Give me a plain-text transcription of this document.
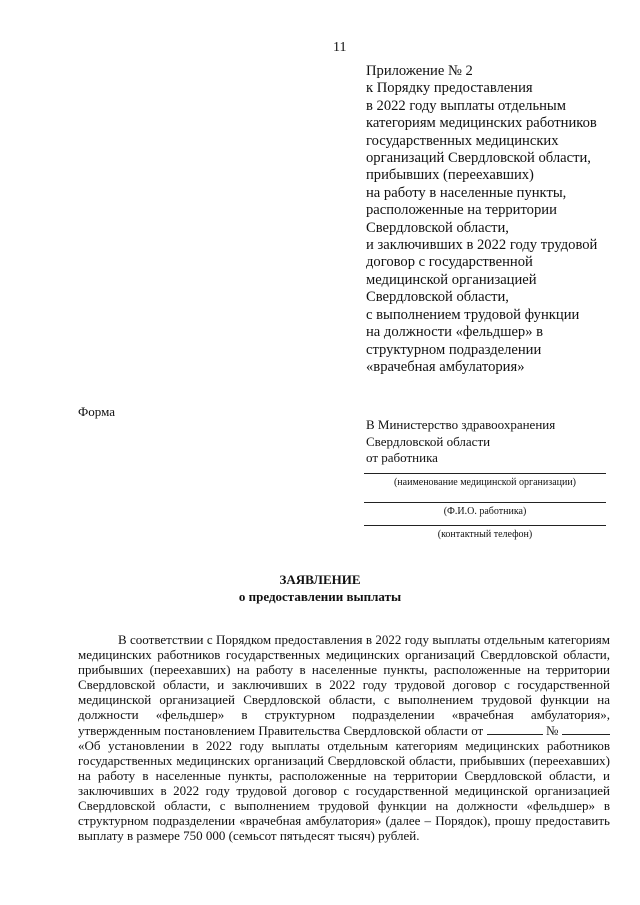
11
Приложение № 2
к Порядку предоставления
в 2022 году выплаты отдельным
категориям медицинских работников
государственных медицинских
организаций Свердловской области,
прибывших (переехавших)
на работу в населенные пункты,
расположенные на территории
Свердловской области,
и заключивших в 2022 году трудовой
договор с государственной
медицинской организацией
Свердловской области,
с выполнением трудовой функции
на должности «фельдшер» в
структурном подразделении
«врачебная амбулатория»
Форма
В Министерство здравоохранения
Свердловской области
от работника
(наименование медицинской организации)
(Ф.И.О. работника)
(контактный телефон)
ЗАЯВЛЕНИЕ
о предоставлении выплаты
В соответствии с Порядком предоставления в 2022 году выплаты отдельным категориям медицинских работников государственных медицинских организаций Свердловской области, прибывших (переехавших) на работу в населенные пункты, расположенные на территории Свердловской области, и заключивших в 2022 году трудовой договор с государственной медицинской организацией Свердловской области, с выполнением трудовой функции на должности «фельдшер» в структурном подразделении «врачебная амбулатория», утвержденным постановлением Правительства Свердловской области от	№  «Об установлении в 2022 году выплаты отдельным категориям медицинских работников государственных медицинских организаций Свердловской области, прибывших (переехавших) на работу в населенные пункты, расположенные на территории Свердловской области, и заключивших в 2022 году трудовой договор с государственной медицинской организацией Свердловской области, с выполнением трудовой функции на должности «фельдшер» в структурном подразделении «врачебная амбулатория» (далее – Порядок), прошу предоставить выплату в размере 750 000 (семьсот пятьдесят тысяч) рублей.
